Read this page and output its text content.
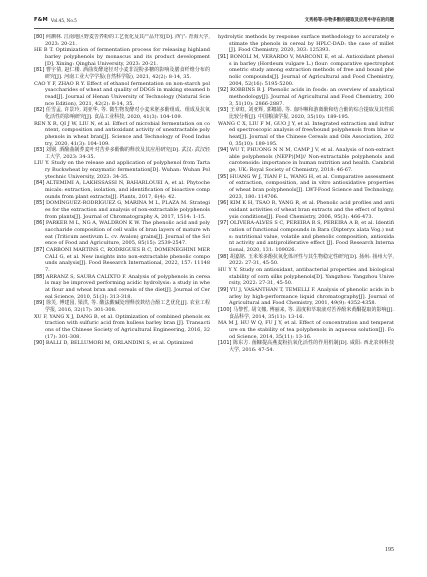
F&M Vol.45, No.5	文秀杨等:谷物多酚的提取及应用中存在的问题

[80] 何渊林. 江南地区野麦苦荞粉的工艺优化及其产品开发[D]. 西宁: 青海大学, 2023: 20-21.

HE B T. Optimization of fermentation process for releasing highland barley polyphenols by monascus and its product development[D]. Xining: Qinghai University, 2023: 20-21.

[81] 曹宇倩, 赵仁楼. 酒曲发酵途径对小麦非淀粉多糖的影响及膳食纤维分布的研究[J]. 河南工业大学学报(自然科学版), 2021, 42(2): 8-14, 35.

CAO Y F, ZHAO R Y. Effect of ethanol fermentation on non-starch polysaccharides of wheat and quality of DDGS in making steamed bread[J]. Journal of Henan University of Technology (Natural Science Edition), 2021, 42(2): 8-14, 35.

[82] 任雪孟, 许景玲, 刘亚华, 等. 微生物发酵对小麦米胚多酚组成、组成及抗氧化活性的影响研究[J]. 食品工业科技, 2020, 41(3): 104-109.

REN X R, QI J W, LIU N, et al. Effect of microbial fermentation on content, composition and antioxidant activity of unextractable polyphenols in wheat bran[J]. Science and Technology of Food Industry, 2020, 41(3): 104-109.

[83] 刘钢. 酒酿曲制荞麦叶对苦养多酚酶的释放及其应用研究[D]. 武汉: 武汉轻工大学, 2023: 34-35.

LIU Y. Study on the release and application of polyphenol from Tartary Buckwheat by enzymatic fermentation[D]. Wuhan: Wuhan Polytechnic University, 2023: 34-35.

[84] ALTEMIMI A, LAKHSSASSI N, BAHARLOUEI A, et al. Phytochemicals: extraction, isolation, and identification of bioactive compounds from plant extracts[J]. Plants, 2017, 6(4): 42.

[85] DOMÍNGUEZ-RODRÍGUEZ G, MARINA M L, PLAZA M. Strategies for the extraction and analysis of non-extractable polyphenols from plants[J]. Journal of Chromatography A, 2017, 1514: 1-15.

[86] PARKER M L, NG A, WALDRON K W. The phenolic acid and polysaccharide composition of cell walls of bran layers of mature wheat (Triticum aestivum L. cv. Avalon) grains[J]. Journal of the Science of Food and Agriculture, 2005, 85(15): 2539-2547.

[87] CARBONI MARTINS C, RODRIGUES R C, DOMENEGHINI MERCALI G, et al. New insights into non-extractable phenolic compounds analysis[J]. Food Research International, 2022, 157: 111487.

[88] ARRANZ S, SAURA CALIXTO F. Analysis of polyphenols in cereals may be improved performing acidic hydrolysis: a study in wheat flour and wheat bran and cereals of the diet[J]. Journal of Cereal Science, 2010, 51(3): 313-318.

[89] 徐芙, 傅建园, 梁洪, 等. 酸法酸碱处理释放麸结合酚工艺优化[J]. 农业工程学报, 2016, 32(17): 301-308.

XU F, YANG X J, DANG B, et al. Optimization of combined phenols extraction with sulfuric acid from hulless barley bran [J]. Transactions of the Chinese Society of Agricultural Engineering, 2016, 32(17): 301-308.

[90] BALLI D, BELLUMORI M, ORLANDINI S, et al. Optimized

hydrolytic methods by response surface methodology to accurately estimate the phenols in cereal by HPLC-DAD: the case of millet[J]. Food Chemistry, 2020, 303: 125393.

[91] BONOLI M, VERARDO V, MARCONI E, et al. Antioxidant phenols in barley (Hordeum vulgare L.) flour: comparative spectrophotometric study among extraction methods of free and bound phenolic compounds[J]. Journal of Agricultural and Food Chemistry, 2004, 52(16): 5195-5200.

[92] ROBBINS R J. Phenolic acids in foods: an overview of analytical methodology[J]. Journal of Agricultural and Food Chemistry, 2003, 51(10): 2866-2887.

[93] 王章虹, 刘亚辉, 郭娜娟, 等. 血卟啉和游离酚和结合酚的综合提取及其性质比较分析[J]. 中国粮油学报, 2020, 35(10): 189-195.

WANG C X, LIU F M, GUO J Y, et al. Integrated extraction and infrared spectroscopic analysis of free/bound polyphenols from blue wheat[J]. Journal of the Chinese Cereals and Oils Association, 2020, 35(10): 189-195.

[94] WU T, PHUONG N N M, CAMP J V, et al. Analysis of non-extractable polyphenols (NEPP)[M]// Non-extractable polyphenols and carotenoids: importance in human nutrition and health. Cambridge, UK: Royal Society of Chemistry, 2018: 46-67.

[95] HUANG W J, TIAN F L, WANG H, et al. Comparative assessment of extraction, composition, and in vitro antioxidative properties of wheat bran polyphenols[J]. LWT-Food Science and Technology, 2023, 180: 114706.

[96] KIM K H, TSAO R, YANG R, et al. Phenolic acid profiles and antioxidant activities of wheat bran extracts and the effect of hydrolysis conditions[J]. Food Chemistry, 2006, 95(3): 466-473.

[97] OLIVERA-ALVES S C, PEREIRA R S, PEREIRA A B, et al. Identification of functional compounds in Bara (Dipteryx alata Vog.) nuts: nutritional value, volatile and phenolic composition, antioxidant activity and antiproliferative effect [J]. Food Research International, 2020, 131: 109026.

[98] 胡嘉铭. 玉米苯多酚抗氧化体评性与其生物稳定性研究[D]. 扬州: 扬州大学, 2022: 27-31, 45-50.

HU Y Y. Study on antioxidant, antibacterial properties and biological stability of corn silks polyphenols[D]. Yangzhou: Yangzhou University, 2022: 27-31, 45-50.

[99] YU J, VASANTHAN T, TEMELLI F. Analysis of phenolic acids in barley by high-performance liquid chromatography[J]. Journal of Agricultural and Food Chemistry, 2001, 49(9): 4352-4358.

[100] 马黎哲, 胡文娜, 傅丽来, 等. 温度和萃取液对苦养酚米黄酮提取的影响[J]. 食品科学, 2014, 35(11): 13-16.

MA M J, HU W Q, FU J Y, et al. Effect of concentration and temperature on the stability of tea polyphenols in aqueous solution[J]. Food Science, 2014, 35(11): 13-16.

[101] 陈东方. 菌糠提高燕麦粉抗氧化活性的作用机制[D]. 咸阳: 西北农林科技大学, 2016: 47-54.

195
